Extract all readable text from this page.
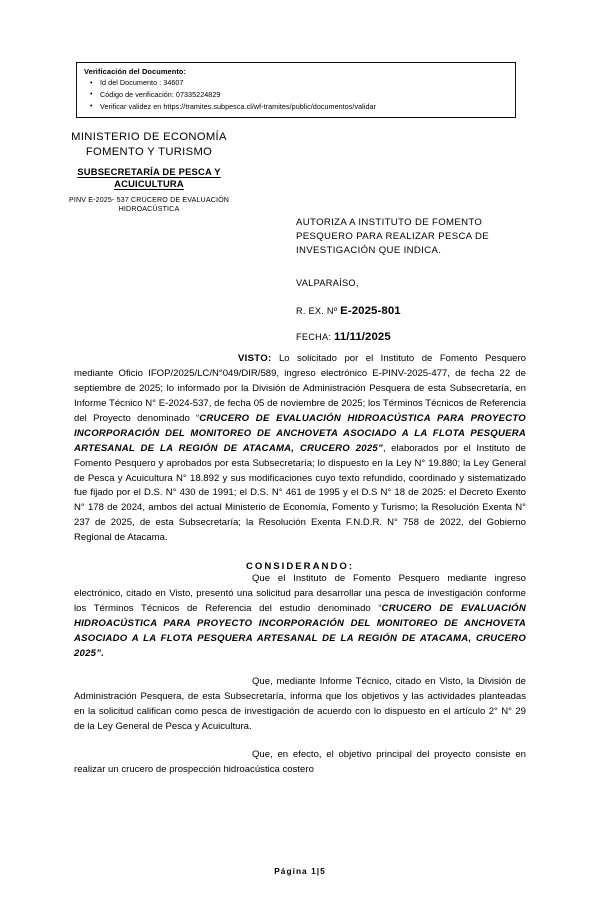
Verificación del Documento:
• Id del Documento : 34607
• Código de verificación: 07335224829
• Verificar validez en https://tramites.subpesca.cl/wf-tramites/public/documentos/validar
MINISTERIO DE ECONOMÍA
FOMENTO Y TURISMO
SUBSECRETARÍA DE PESCA Y
ACUICULTURA
PINV E-2025- 537 CRUCERO DE EVALUACIÓN
HIDROACÚSTICA

AUTORIZA A INSTITUTO DE FOMENTO PESQUERO PARA REALIZAR PESCA DE INVESTIGACIÓN QUE INDICA.

VALPARAÍSO,
R. EX. Nº E-2025-801
FECHA: 11/11/2025

VISTO: Lo solicitado por el Instituto de Fomento Pesquero mediante Oficio IFOP/2025/LC/N°049/DIR/589, ingreso electrónico E-PINV-2025-477, de fecha 22 de septiembre de 2025; lo informado por la División de Administración Pesquera de esta Subsecretaría, en Informe Técnico N° E-2024-537, de fecha 05 de noviembre de 2025; los Términos Técnicos de Referencia del Proyecto denominado “CRUCERO DE EVALUACIÓN HIDROACÚSTICA PARA PROYECTO INCORPORACIÓN DEL MONITOREO DE ANCHOVETA ASOCIADO A LA FLOTA PESQUERA ARTESANAL DE LA REGIÓN DE ATACAMA, CRUCERO 2025”, elaborados por el Instituto de Fomento Pesquero y aprobados por esta Subsecretaría; lo dispuesto en la Ley N° 19.880; la Ley General de Pesca y Acuicultura N° 18.892 y sus modificaciones cuyo texto refundido, coordinado y sistematizado fue fijado por el D.S. N° 430 de 1991; el D.S. N° 461 de 1995 y el D.S N° 18 de 2025: el Decreto Exento N° 178 de 2024, ambos del actual Ministerio de Economía, Fomento y Turismo; la Resolución Exenta N° 237 de 2025, de esta Subsecretaría; la Resolución Exenta F.N.D.R. N° 758 de 2022, del Gobierno Regional de Atacama.

CONSIDERANDO:

Que el Instituto de Fomento Pesquero mediante ingreso electrónico, citado en Visto, presentó una solicitud para desarrollar una pesca de investigación conforme los Términos Técnicos de Referencia del estudio denominado “CRUCERO DE EVALUACIÓN HIDROACÚSTICA PARA PROYECTO INCORPORACIÓN DEL MONITOREO DE ANCHOVETA ASOCIADO A LA FLOTA PESQUERA ARTESANAL DE LA REGIÓN DE ATACAMA, CRUCERO 2025”.

Que, mediante Informe Técnico, citado en Visto, la División de Administración Pesquera, de esta Subsecretaría, informa que los objetivos y las actividades planteadas en la solicitud califican como pesca de investigación de acuerdo con lo dispuesto en el artículo 2° N° 29 de la Ley General de Pesca y Acuicultura.

Que, en efecto, el objetivo principal del proyecto consiste en realizar un crucero de prospección hidroacústica costero

Página 1|5
